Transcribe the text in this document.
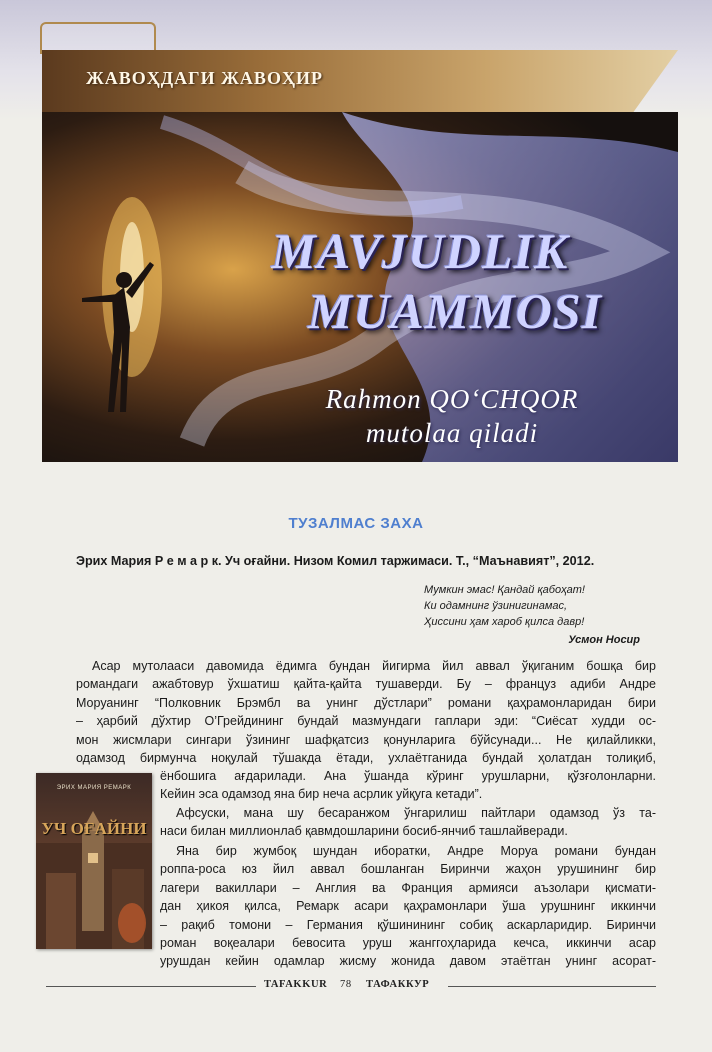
ЖАВОҲДАГИ ЖАВОҲИР
MAVJUDLIK
MUAMMOSI
Rahmon QO‘CHQOR
mutolaa qiladi
ТУЗАЛМАС ЗАХА
Эрих Мария Р е м а р к. Уч оғайни. Низом Комил таржимаси. Т., “Маънавият”, 2012.
Мумкин эмас! Қандай қабоҳат!
Ки одамнинг ўзинигинамас,
Ҳиссини ҳам хароб қилса давр!
Усмон Носир
Асар мутолааси давомида ёдимга бундан йигирма йил аввал ўқиганим бошқа бир
романдаги ажабтовур ўхшатиш қайта-қайта тушаверди. Бу – француз адиби Андре
Моруанинг “Полковник Брэмбл ва унинг дўстлари” романи қаҳрамонларидан бири
– ҳарбий дўхтир О’Грейдининг бундай мазмундаги гаплари эди: “Сиёсат худди ос-
мон жисмлари сингари ўзининг шафқатсиз қонунларига бўйсунади... Не қилайликки,
одамзод бирмунча ноқулай тўшакда ётади, ухлаётганида бундай ҳолатдан толиқиб,
ёнбошига ағдарилади. Ана ўшанда кўринг урушларни, қўзғолонларни.
Кейин эса одамзод яна бир неча асрлик уйқуга кетади”.
Афсуски, мана шу бесаранжом ўнгарилиш пайтлари одамзод ўз та-
наси билан миллионлаб қавмдошларини босиб-янчиб ташлайверади.
Яна бир жумбоқ шундан иборатки, Андре Моруа романи бундан
роппа-роса юз йил аввал бошланган Биринчи жаҳон урушининг бир
лагери вакиллари – Англия ва Франция армияси аъзолари қисмати-
дан ҳикоя қилса, Ремарк асари қаҳрамонлари ўша урушнинг иккинчи
– рақиб томони – Германия қўшинининг собиқ аскарларидир. Биринчи
роман воқеалари бевосита уруш жанггоҳларида кечса, иккинчи асар
урушдан кейин одамлар жисму жонида давом этаётган унинг асорат-
ЭРИХ МАРИЯ РЕМАРК
УЧ ОҒАЙНИ
TAFAKKUR 78 ТАФАККУР
